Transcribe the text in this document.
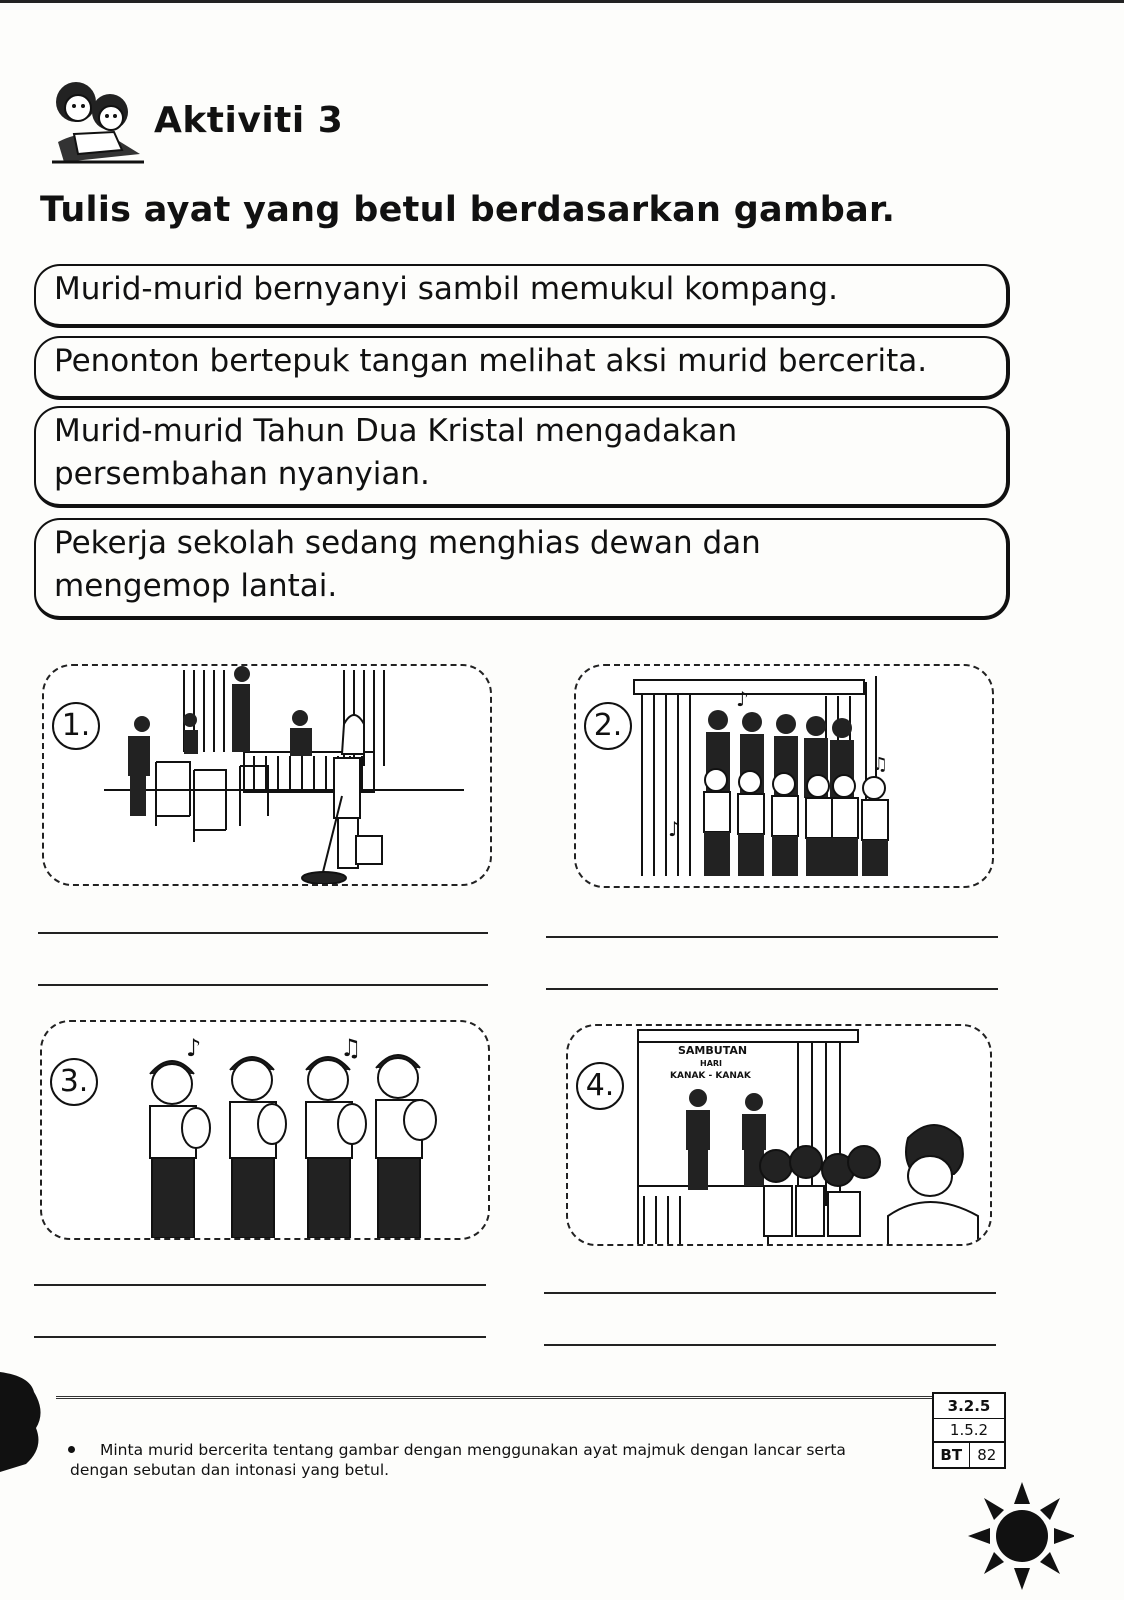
Aktiviti 3
Tulis ayat yang betul berdasarkan gambar.
Murid-murid bernyanyi sambil memukul kompang.
Penonton bertepuk tangan melihat aksi murid bercerita.
Murid-murid Tahun Dua Kristal mengadakan
persembahan nyanyian.
Pekerja sekolah sedang menghias dewan dan
mengemop lantai.
1.	2.
♪
♫
♪
3.
♪	♫
4.
SAMBUTAN
HARI
KANAK - KANAK
Minta murid bercerita tentang gambar dengan menggunakan ayat majmuk dengan lancar serta
dengan sebutan dan intonasi yang betul.
3.2.5
1.5.2
BT	82
